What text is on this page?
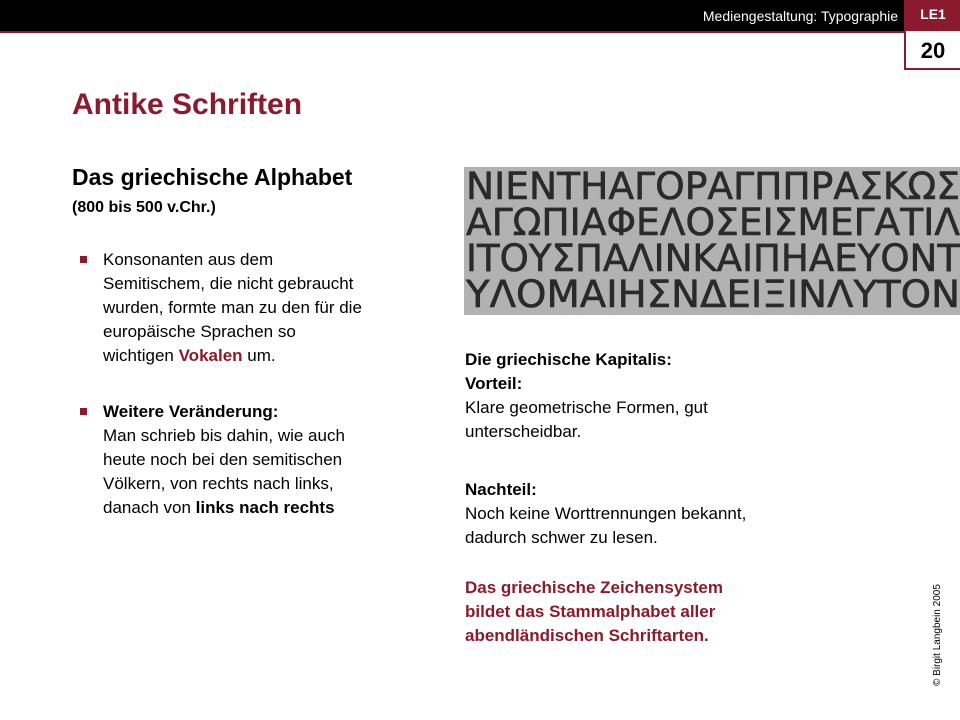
Mediengestaltung: Typographie	LE1
20
Antike Schriften
Das griechische Alphabet
(800 bis 500 v.Chr.)
Konsonanten aus dem
Semitischem, die nicht gebraucht
wurden, formte man zu den für die
europäische Sprachen so
wichtigen Vokalen um.
Weitere Veränderung:
Man schrieb bis dahin, wie auch
heute noch bei den semitischen
Völkern, von rechts nach links,
danach von links nach rechts
ΝΙΕΝΤΗΑΓΟΡΑΓΠΠΡΑΣΚΩΣ
ΑΓΩΠΙΑΦΕΛΟΣΕΙΣΜΕΓΑΤΙΛ
ΙΤΟΥΣΠΑΛΙΝΚΑΙΠΗΑΕΥΟΝΤ
ΥΛΟΜΑΙΗΣΝΔΕΙΞΙΝΛΥΤΟΝ
Die griechische Kapitalis:
Vorteil:
Klare geometrische Formen, gut
unterscheidbar.
Nachteil:
Noch keine Worttrennungen bekannt,
dadurch schwer zu lesen.
Das griechische Zeichensystem
bildet das Stammalphabet aller
abendländischen Schriftarten.	© Birgit Langbein 2005
